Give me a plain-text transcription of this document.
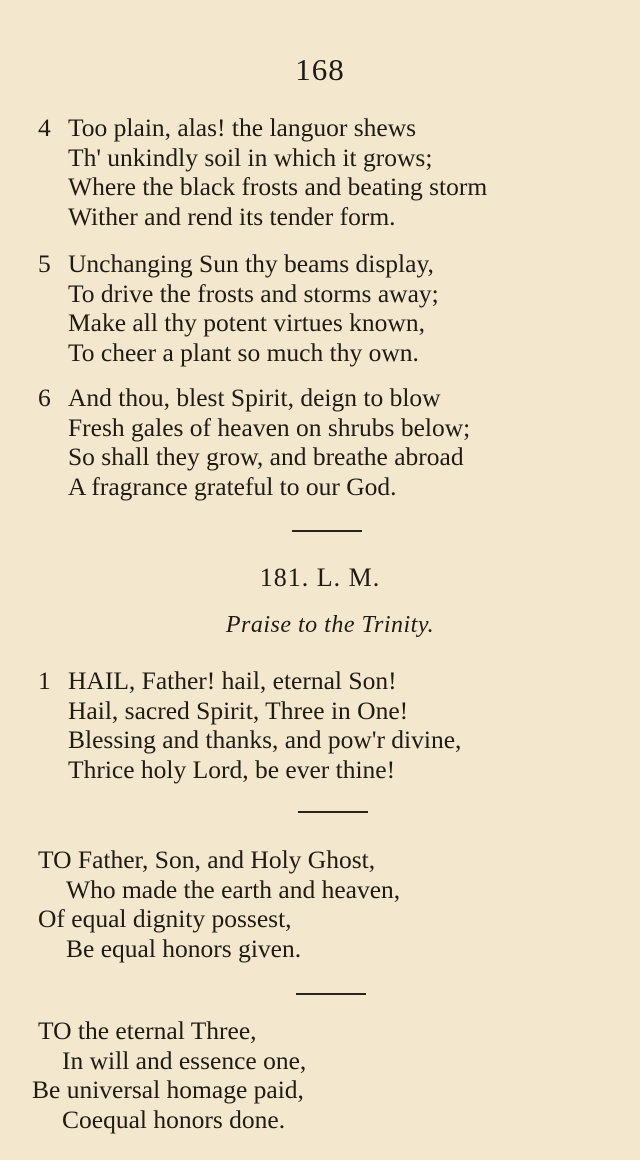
168
4 Too plain, alas! the languor shews
Th' unkindly soil in which it grows;
Where the black frosts and beating storm
Wither and rend its tender form.
5 Unchanging Sun thy beams display,
To drive the frosts and storms away;
Make all thy potent virtues known,
To cheer a plant so much thy own.
6 And thou, blest Spirit, deign to blow
Fresh gales of heaven on shrubs below;
So shall they grow, and breathe abroad
A fragrance grateful to our God.
181. L. M.
Praise to the Trinity.
1 HAIL, Father! hail, eternal Son!
Hail, sacred Spirit, Three in One!
Blessing and thanks, and pow'r divine,
Thrice holy Lord, be ever thine!
TO Father, Son, and Holy Ghost,
Who made the earth and heaven,
Of equal dignity possest,
Be equal honors given.
TO the eternal Three,
In will and essence one,
Be universal homage paid,
Coequal honors done.
